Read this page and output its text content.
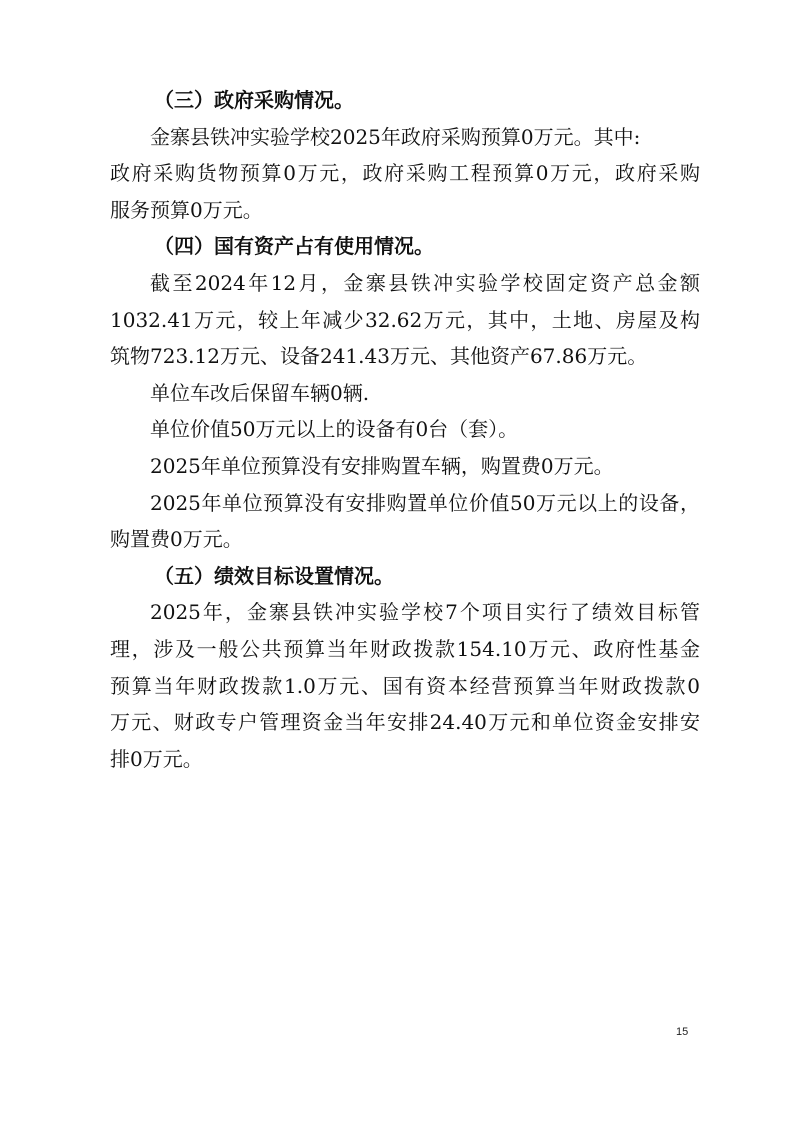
（三）政府采购情况。

金寨县铁冲实验学校2025年政府采购预算0万元。其中:

政府采购货物预算0万元，政府采购工程预算0万元，政府采购

服务预算0万元。

（四）国有资产占有使用情况。

截至2024年12月，金寨县铁冲实验学校固定资产总金额

1032.41万元，较上年减少32.62万元，其中，土地、房屋及构

筑物723.12万元、设备241.43万元、其他资产67.86万元。

单位车改后保留车辆0辆.

单位价值50万元以上的设备有0台（套）。

2025年单位预算没有安排购置车辆，购置费0万元。

2025年单位预算没有安排购置单位价值50万元以上的设备，

购置费0万元。

（五）绩效目标设置情况。

2025年，金寨县铁冲实验学校7个项目实行了绩效目标管

理，涉及一般公共预算当年财政拨款154.10万元、政府性基金

预算当年财政拨款1.0万元、国有资本经营预算当年财政拨款0

万元、财政专户管理资金当年安排24.40万元和单位资金安排安

排0万元。

15
